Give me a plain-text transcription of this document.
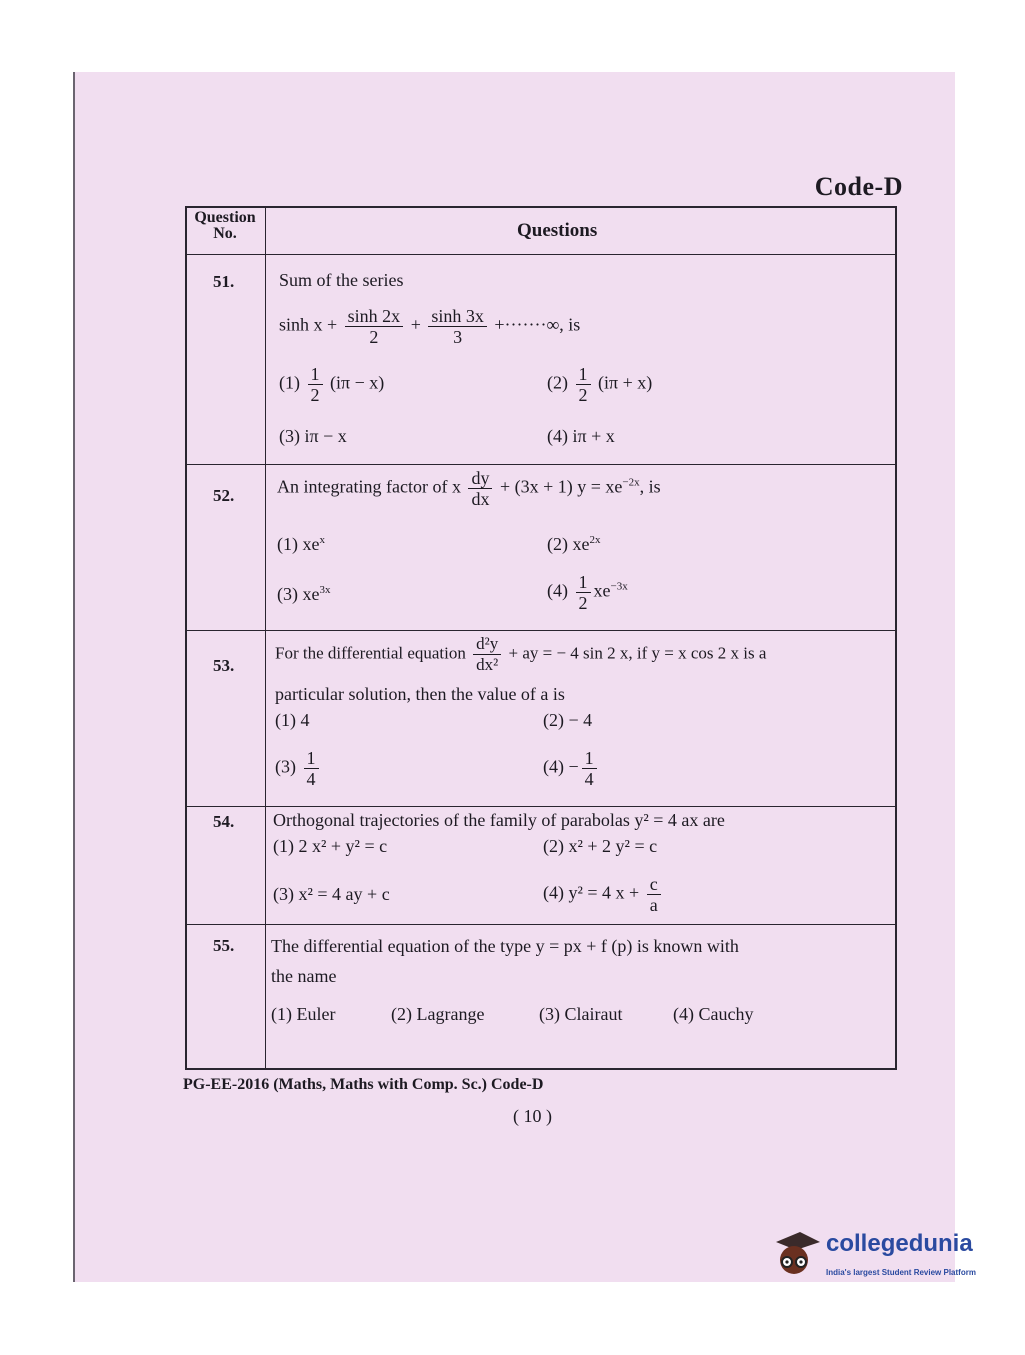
Code-D
Question
No.	Questions
51. Sum of the series
$\sinh x + \frac{\sinh 2x}{2} + \frac{\sinh 3x}{3}$ +·······∞, is
$(1) \frac{1}{2} (i\pi - x)$	$(2) \frac{1}{2} (i\pi + x)$
(3) iπ − x	(4) iπ + x
52. An integrating factor of x $\frac{dy}{dx} + (3x + 1) y = xe^{-2x}$, is
(1) $xe^x$	(2) $xe^{2x}$
(3) $xe^{3x}$	$(4) \frac{1}{2} xe^{-3x}$
53.
For the differential equation $\frac{\text{d²y}}{\text{dx²}}$ + ay = − 4 sin 2 x, if y = x cos 2 x is a
particular solution, then the value of a is
(1) 4	(2) − 4
$(3) \frac{1}{4}$	$(4) - \frac{1}{4}$
54. Orthogonal trajectories of the family of parabolas y² = 4 ax are
(1) 2 x² + y² = c	(2) x² + 2 y² = c
(3) x² = 4 ay + c	(4) y² = 4 $x + \frac{c}{a}$
55. The differential equation of the type y = px + f (p) is known with
the name
(1) Euler	(2) Lagrange	(3) Clairaut	(4) Cauchy
PG-EE-2016 (Maths, Maths with Comp. Sc.) Code-D
( 10 )
collegedunia
India's largest Student Review Platform
